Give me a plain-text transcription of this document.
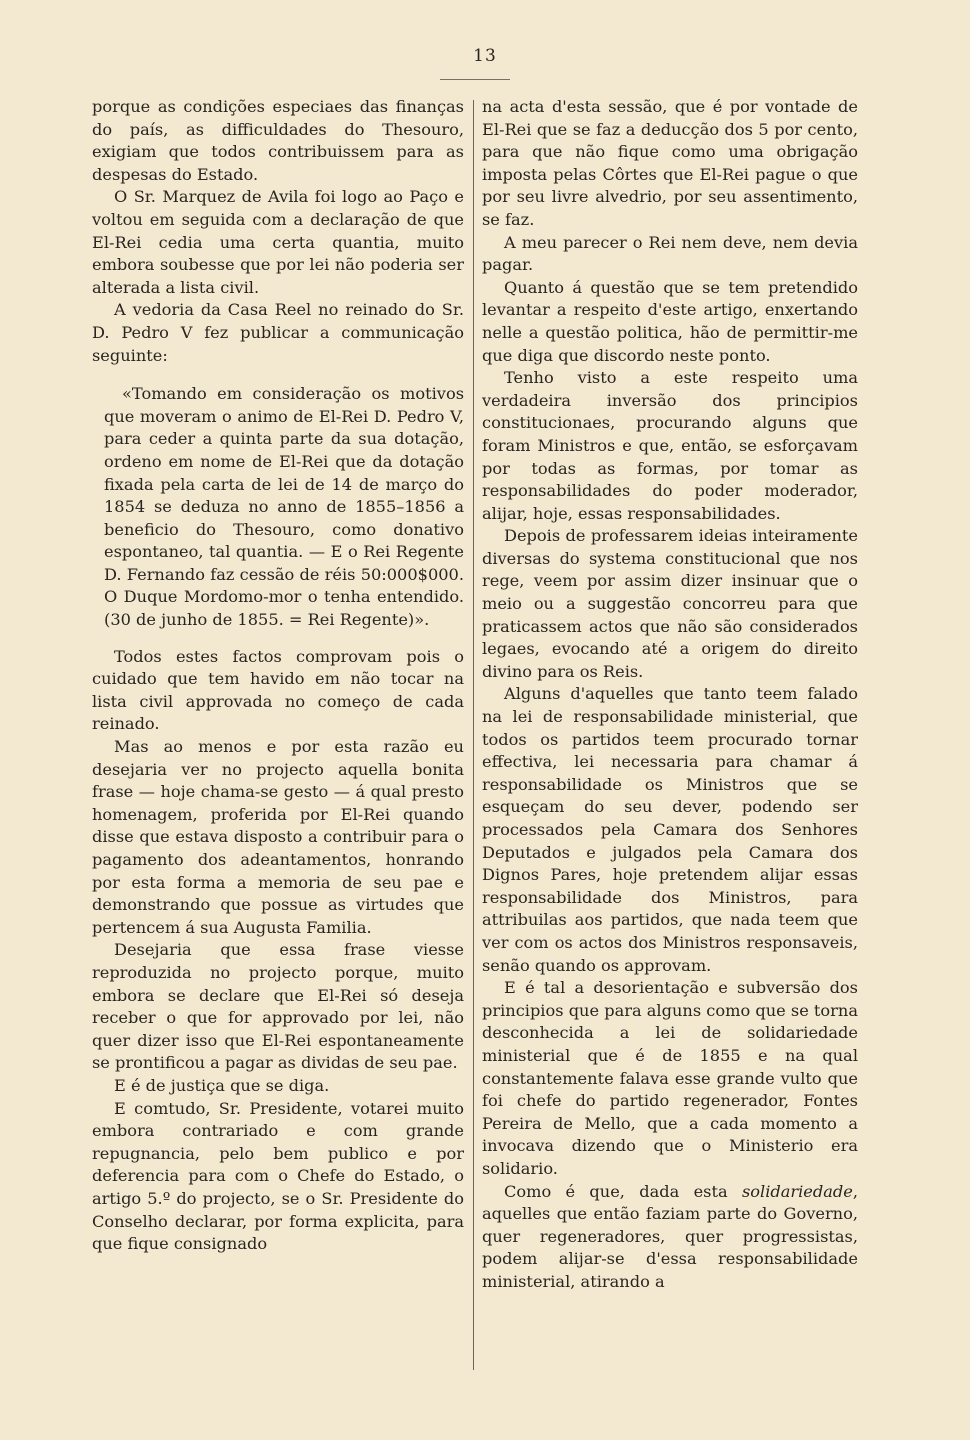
13

porque as condições especiaes das finanças do país, as difficuldades do Thesouro, exigiam que todos contribuissem para as despesas do Estado.

O Sr. Marquez de Avila foi logo ao Paço e voltou em seguida com a declaração de que El-Rei cedia uma certa quantia, muito embora soubesse que por lei não poderia ser alterada a lista civil.

A vedoria da Casa Reel no reinado do Sr. D. Pedro V fez publicar a communicação seguinte:

«Tomando em consideração os motivos que moveram o animo de El-Rei D. Pedro V, para ceder a quinta parte da sua dotação, ordeno em nome de El-Rei que da dotação fixada pela carta de lei de 14 de março do 1854 se deduza no anno de 1855–1856 a beneficio do Thesouro, como donativo espontaneo, tal quantia. — E o Rei Regente D. Fernando faz cessão de réis 50:000$000. O Duque Mordomo-mor o tenha entendido. (30 de junho de 1855. = Rei Regente)».

Todos estes factos comprovam pois o cuidado que tem havido em não tocar na lista civil approvada no começo de cada reinado.

Mas ao menos e por esta razão eu desejaria ver no projecto aquella bonita frase — hoje chama-se gesto — á qual presto homenagem, proferida por El-Rei quando disse que estava disposto a contribuir para o pagamento dos adeantamentos, honrando por esta forma a memoria de seu pae e demonstrando que possue as virtudes que pertencem á sua Augusta Familia.

Desejaria que essa frase viesse reproduzida no projecto porque, muito embora se declare que El-Rei só deseja receber o que for approvado por lei, não quer dizer isso que El-Rei espontaneamente se prontificou a pagar as dividas de seu pae.

E é de justiça que se diga.

E comtudo, Sr. Presidente, votarei muito embora contrariado e com grande repugnancia, pelo bem publico e por deferencia para com o Chefe do Estado, o artigo 5.º do projecto, se o Sr. Presidente do Conselho declarar, por forma explicita, para que fique consignado

na acta d'esta sessão, que é por vontade de El-Rei que se faz a deducção dos 5 por cento, para que não fique como uma obrigação imposta pelas Côrtes que El-Rei pague o que por seu livre alvedrio, por seu assentimento, se faz.

A meu parecer o Rei nem deve, nem devia pagar.

Quanto á questão que se tem pretendido levantar a respeito d'este artigo, enxertando nelle a questão politica, hão de permittir-me que diga que discordo neste ponto.

Tenho visto a este respeito uma verdadeira inversão dos principios constitucionaes, procurando alguns que foram Ministros e que, então, se esforçavam por todas as formas, por tomar as responsabilidades do poder moderador, alijar, hoje, essas responsabilidades.

Depois de professarem ideias inteiramente diversas do systema constitucional que nos rege, veem por assim dizer insinuar que o meio ou a suggestão concorreu para que praticassem actos que não são considerados legaes, evocando até a origem do direito divino para os Reis.

Alguns d'aquelles que tanto teem falado na lei de responsabilidade ministerial, que todos os partidos teem procurado tornar effectiva, lei necessaria para chamar á responsabilidade os Ministros que se esqueçam do seu dever, podendo ser processados pela Camara dos Senhores Deputados e julgados pela Camara dos Dignos Pares, hoje pretendem alijar essas responsabilidade dos Ministros, para attribuilas aos partidos, que nada teem que ver com os actos dos Ministros responsaveis, senão quando os approvam.

E é tal a desorientação e subversão dos principios que para alguns como que se torna desconhecida a lei de solidariedade ministerial que é de 1855 e na qual constantemente falava esse grande vulto que foi chefe do partido regenerador, Fontes Pereira de Mello, que a cada momento a invocava dizendo que o Ministerio era solidario.

Como é que, dada esta solidariedade, aquelles que então faziam parte do Governo, quer regeneradores, quer progressistas, podem alijar-se d'essa responsabilidade ministerial, atirando a
